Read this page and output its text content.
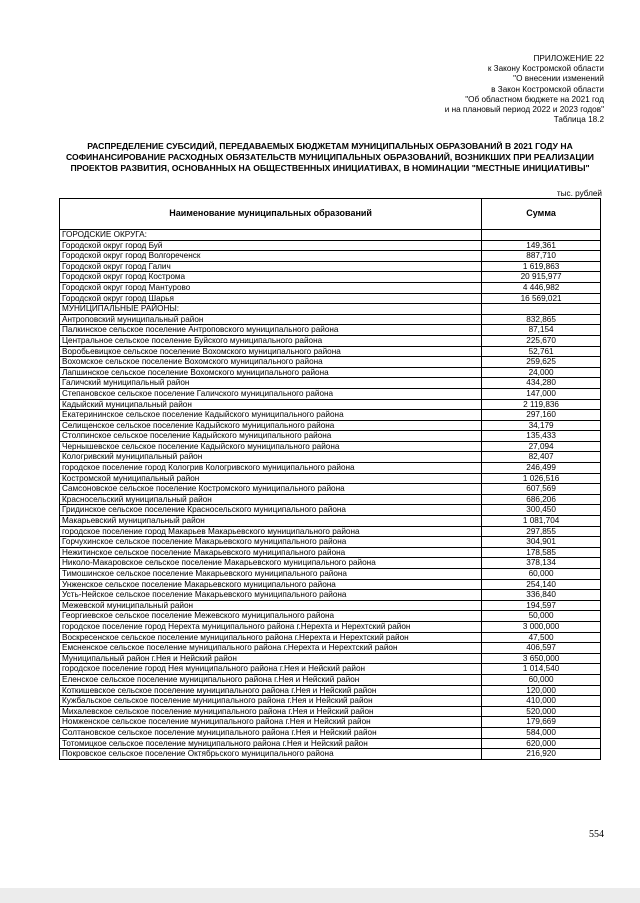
ПРИЛОЖЕНИЕ 22
к Закону Костромской области
"О внесении изменений
в Закон Костромской области
"Об областном бюджете на 2021 год
и на плановый период 2022 и 2023 годов"
Таблица 18.2
РАСПРЕДЕЛЕНИЕ СУБСИДИЙ, ПЕРЕДАВАЕМЫХ БЮДЖЕТАМ МУНИЦИПАЛЬНЫХ ОБРАЗОВАНИЙ В 2021 ГОДУ НА СОФИНАНСИРОВАНИЕ РАСХОДНЫХ ОБЯЗАТЕЛЬСТВ МУНИЦИПАЛЬНЫХ ОБРАЗОВАНИЙ, ВОЗНИКШИХ ПРИ РЕАЛИЗАЦИИ ПРОЕКТОВ РАЗВИТИЯ, ОСНОВАННЫХ НА ОБЩЕСТВЕННЫХ ИНИЦИАТИВАХ, В НОМИНАЦИИ "МЕСТНЫЕ ИНИЦИАТИВЫ"
тыс. рублей
Наименование муниципальных образований	Сумма
ГОРОДСКИЕ ОКРУГА:	
Городской округ город Буй	149,361
Городской округ город Волгореченск	887,710
Городской округ город Галич	1 619,863
Городской округ город Кострома	20 915,977
Городской округ город Мантурово	4 446,982
Городской округ город Шарья	16 569,021
МУНИЦИПАЛЬНЫЕ РАЙОНЫ:	
Антроповский муниципальный район	832,865
Палкинское сельское поселение Антроповского муниципального района	87,154
Центральное сельское поселение Буйского муниципального района	225,670
Воробьевицкое сельское поселение Вохомского муниципального района	52,761
Вохомское сельское поселение Вохомского муниципального района	259,625
Лапшинское сельское поселение Вохомского муниципального района	24,000
Галичский муниципальный район	434,280
Степановское сельское поселение Галичского муниципального района	147,000
Кадыйский муниципальный район	2 119,836
Екатерининское сельское поселение Кадыйского муниципального района	297,160
Селищенское сельское поселение Кадыйского муниципального района	34,179
Столпинское сельское поселение Кадыйского муниципального района	135,433
Чернышевское сельское поселение Кадыйского муниципального района	27,094
Кологривский муниципальный район	82,407
городское поселение город Кологрив Кологривского муниципального района	246,499
Костромской муниципальный район	1 026,516
Самсоновское сельское поселение Костромского муниципального района	607,569
Красносельский муниципальный район	686,206
Гридинское сельское поселение Красносельского муниципального района	300,450
Макарьевский муниципальный район	1 081,704
городское поселение город Макарьев Макарьевского муниципального района	297,855
Горчухинское сельское поселение Макарьевского муниципального района	304,901
Нежитинское сельское поселение Макарьевского муниципального района	178,585
Николо-Макаровское сельское поселение Макарьевского муниципального района	378,134
Тимошинское сельское поселение Макарьевского муниципального района	60,000
Унженское сельское поселение Макарьевского муниципального района	254,140
Усть-Нейское сельское поселение Макарьевского муниципального района	336,840
Межевской муниципальный район	194,597
Георгиевское сельское поселение Межевского муниципального района	50,000
городское поселение город Нерехта муниципального района г.Нерехта и Нерехтский район	3 000,000
Воскресенское сельское поселение муниципального района г.Нерехта и Нерехтский район	47,500
Емсненское сельское поселение муниципального района г.Нерехта и Нерехтский район	406,597
Муниципальный район г.Нея и Нейский район	3 650,000
городское поселение город Нея муниципального района г.Нея и Нейский район	1 014,540
Еленское сельское поселение муниципального района г.Нея и Нейский район	60,000
Коткишевское сельское поселение муниципального района г.Нея и Нейский район	120,000
Кужбальское сельское поселение муниципального района г.Нея и Нейский район	410,000
Михалевское сельское поселение муниципального района г.Нея и Нейский район	520,000
Номженское сельское поселение муниципального района г.Нея и Нейский район	179,669
Солтановское сельское поселение муниципального района г.Нея и Нейский район	584,000
Тотомицкое сельское поселение муниципального района г.Нея и Нейский район	620,000
Покровское сельское поселение Октябрьского муниципального района	216,920
554
